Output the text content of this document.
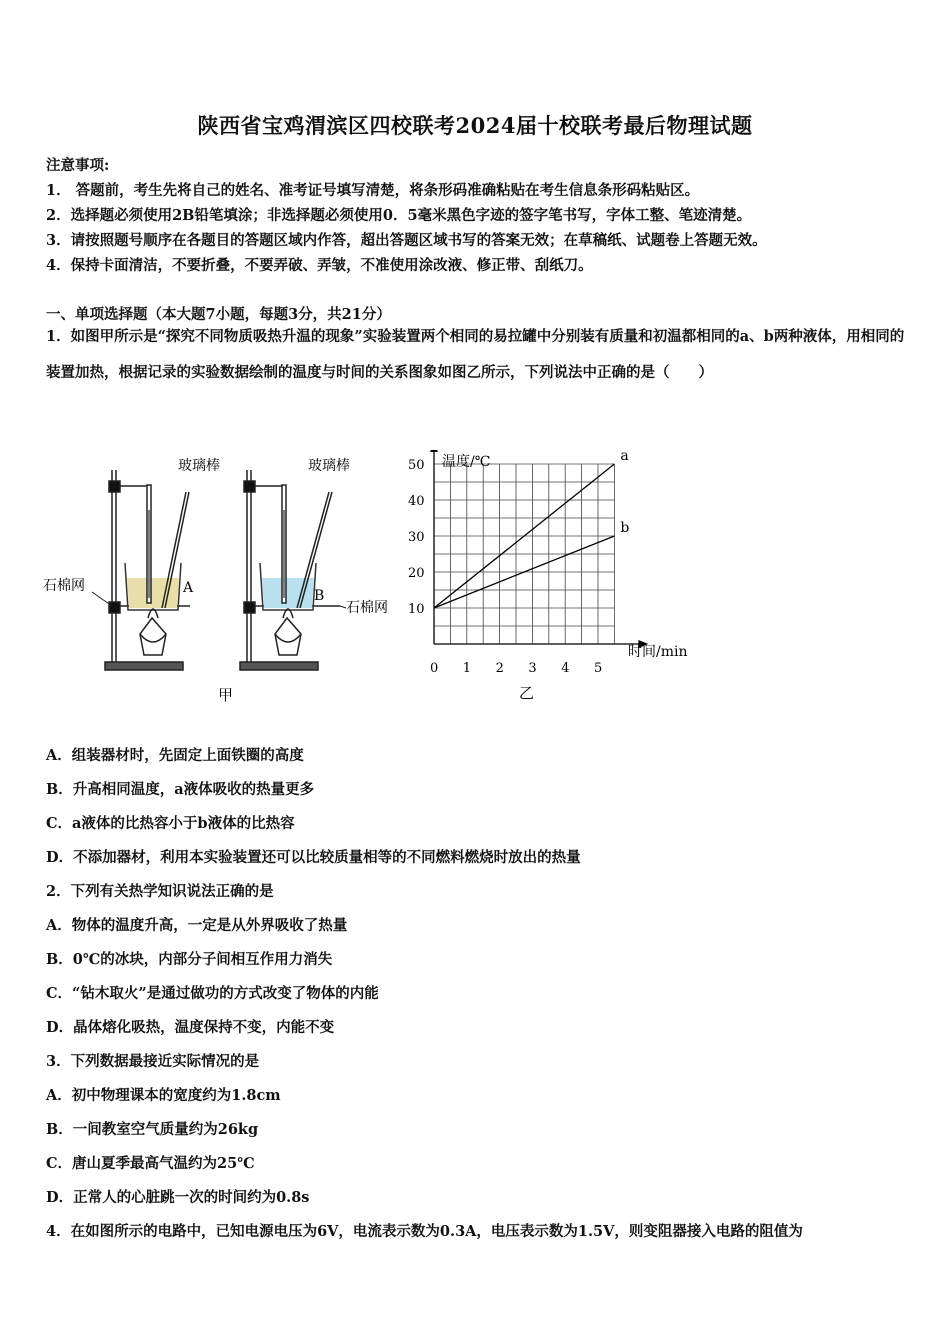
陕西省宝鸡渭滨区四校联考2024届十校联考最后物理试题
注意事项:
1． 答题前，考生先将自己的姓名、准考证号填写清楚，将条形码准确粘贴在考生信息条形码粘贴区。
2．选择题必须使用2B铅笔填涂；非选择题必须使用0．5毫米黑色字迹的签字笔书写，字体工整、笔迹清楚。
3．请按照题号顺序在各题目的答题区域内作答，超出答题区域书写的答案无效；在草稿纸、试题卷上答题无效。
4．保持卡面清洁，不要折叠，不要弄破、弄皱，不准使用涂改液、修正带、刮纸刀。
一、单项选择题（本大题7小题，每题3分，共21分）
1．如图甲所示是“探究不同物质吸热升温的现象”实验装置两个相同的易拉罐中分别装有质量和初温都相同的a、b两种液体，用相同的装置加热，根据记录的实验数据绘制的温度与时间的关系图象如图乙所示，下列说法中正确的是（　　）
玻璃棒
石棉网	A
玻璃棒
B
石棉网
甲
0 1 2 3 4 5
10
20
30
40
50
a
b
温度/℃
时间/min
乙
A．组装器材时，先固定上面铁圈的高度
B．升高相同温度，a液体吸收的热量更多
C．a液体的比热容小于b液体的比热容
D．不添加器材，利用本实验装置还可以比较质量相等的不同燃料燃烧时放出的热量
2．下列有关热学知识说法正确的是
A．物体的温度升高，一定是从外界吸收了热量
B．0℃的冰块，内部分子间相互作用力消失
C．“钻木取火”是通过做功的方式改变了物体的内能
D．晶体熔化吸热，温度保持不变，内能不变
3．下列数据最接近实际情况的是
A．初中物理课本的宽度约为1.8cm
B．一间教室空气质量约为26kg
C．唐山夏季最高气温约为25℃
D．正常人的心脏跳一次的时间约为0.8s
4．在如图所示的电路中，已知电源电压为6V，电流表示数为0.3A，电压表示数为1.5V，则变阻器接入电路的阻值为
